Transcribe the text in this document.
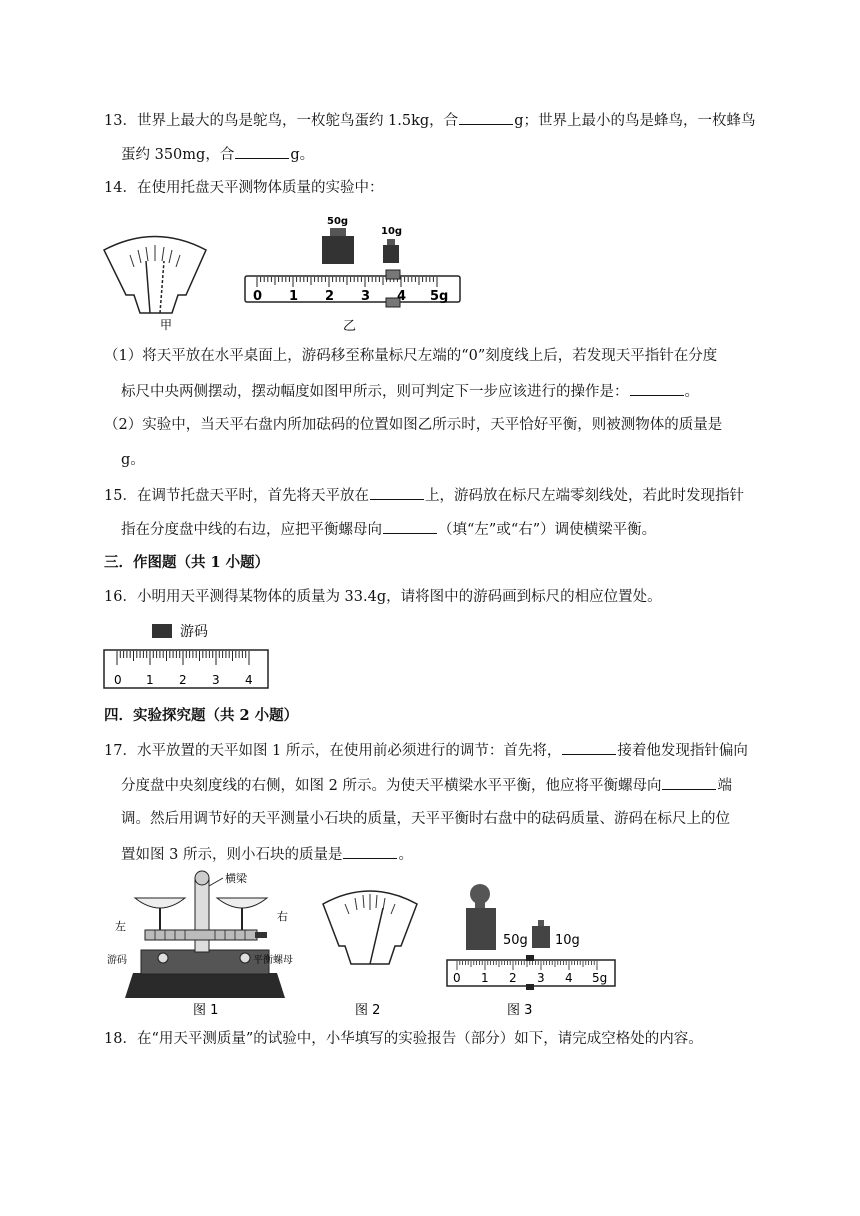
13．世界上最大的鸟是鸵鸟，一枚鸵鸟蛋约 1.5kg，合	g；世界上最小的鸟是蜂鸟，一枚蜂鸟
蛋约 350mg，合	g。
14．在使用托盘天平测物体质量的实验中：
甲
50g
10g
0 1 2 3 4 5g
乙
（1）将天平放在水平桌面上，游码移至称量标尺左端的“0”刻度线上后，若发现天平指针在分度
标尺中央两侧摆动，摆动幅度如图甲所示，则可判定下一步应该进行的操作是：	。
（2）实验中，当天平右盘内所加砝码的位置如图乙所示时，天平恰好平衡，则被测物体的质量是
g。
15．在调节托盘天平时，首先将天平放在	上，游码放在标尺左端零刻线处，若此时发现指针
指在分度盘中线的右边，应把平衡螺母向	（填“左”或“右”）调使横梁平衡。
三．作图题（共 1 小题）
16．小明用天平测得某物体的质量为 33.4g，请将图中的游码画到标尺的相应位置处。
游码
0 1 2 3 4
四．实验探究题（共 2 小题）
17．水平放置的天平如图 1 所示，在使用前必须进行的调节：首先将，	接着他发现指针偏向
分度盘中央刻度线的右侧，如图 2 所示。为使天平横梁水平平衡，他应将平衡螺母向	端
调。然后用调节好的天平测量小石块的质量，天平平衡时右盘中的砝码质量、游码在标尺上的位
置如图 3 所示，则小石块的质量是	。
横梁
左
右
平衡螺母
游码
图 1	图 2
50g 10g
0 1 2 3 4 5g
图 3
18．在“用天平测质量”的试验中，小华填写的实验报告（部分）如下，请完成空格处的内容。
